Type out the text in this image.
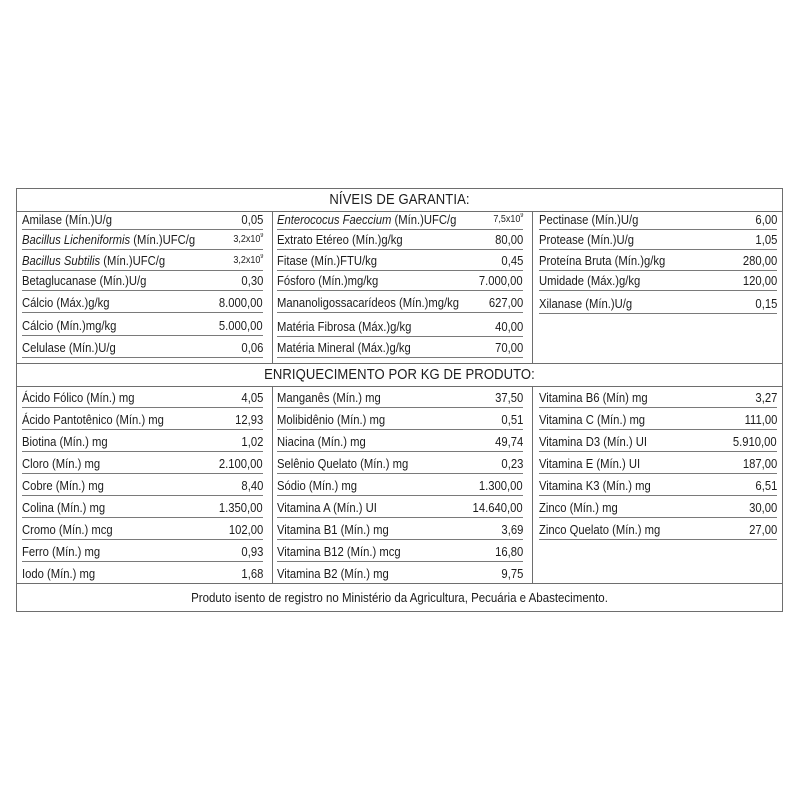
NÍVEIS DE GARANTIA:
Amilase (Mín.)U/g	0,05
Bacillus Licheniformis (Mín.)UFC/g	$3,2x10^9$
Bacillus Subtilis (Mín.)UFC/g	$3,2x10^9$
Betaglucanase (Mín.)U/g	0,30
Cálcio (Máx.)g/kg	8.000,00
Cálcio (Mín.)mg/kg	5.000,00
Celulase (Mín.)U/g	0,06
Enterococus Faeccium (Mín.)UFC/g	$7,5x10^9$
Extrato Etéreo (Mín.)g/kg	80,00
Fitase (Mín.)FTU/kg	0,45
Fósforo (Mín.)mg/kg	7.000,00
Mananoligossacarídeos (Mín.)mg/kg 627,00
Matéria Fibrosa (Máx.)g/kg	40,00
Matéria Mineral (Máx.)g/kg	70,00
Pectinase (Mín.)U/g	6,00
Protease (Mín.)U/g	1,05
Proteína Bruta (Mín.)g/kg	280,00
Umidade (Máx.)g/kg	120,00
Xilanase (Mín.)U/g	0,15
ENRIQUECIMENTO POR KG DE PRODUTO:
Ácido Fólico (Mín.) mg	4,05
Ácido Pantotênico (Mín.) mg	12,93
Biotina (Mín.) mg	1,02
Cloro (Mín.) mg	2.100,00
Cobre (Mín.) mg	8,40
Colina (Mín.) mg	1.350,00
Cromo (Mín.) mcg	102,00
Ferro (Mín.) mg	0,93
Iodo (Mín.) mg	1,68
Manganês (Mín.) mg	37,50
Molibidênio (Mín.) mg	0,51
Niacina (Mín.) mg	49,74
Selênio Quelato (Mín.) mg	0,23
Sódio (Mín.) mg	1.300,00
Vitamina A (Mín.) UI	14.640,00
Vitamina B1 (Mín.) mg	3,69
Vitamina B12 (Mín.) mcg	16,80
Vitamina B2 (Mín.) mg	9,75
Vitamina B6 (Mín) mg	3,27
Vitamina C (Mín.) mg	111,00
Vitamina D3 (Mín.) UI	5.910,00
Vitamina E (Mín.) UI	187,00
Vitamina K3 (Mín.) mg	6,51
Zinco (Mín.) mg	30,00
Zinco Quelato (Mín.) mg	27,00
Produto isento de registro no Ministério da Agricultura, Pecuária e Abastecimento.
